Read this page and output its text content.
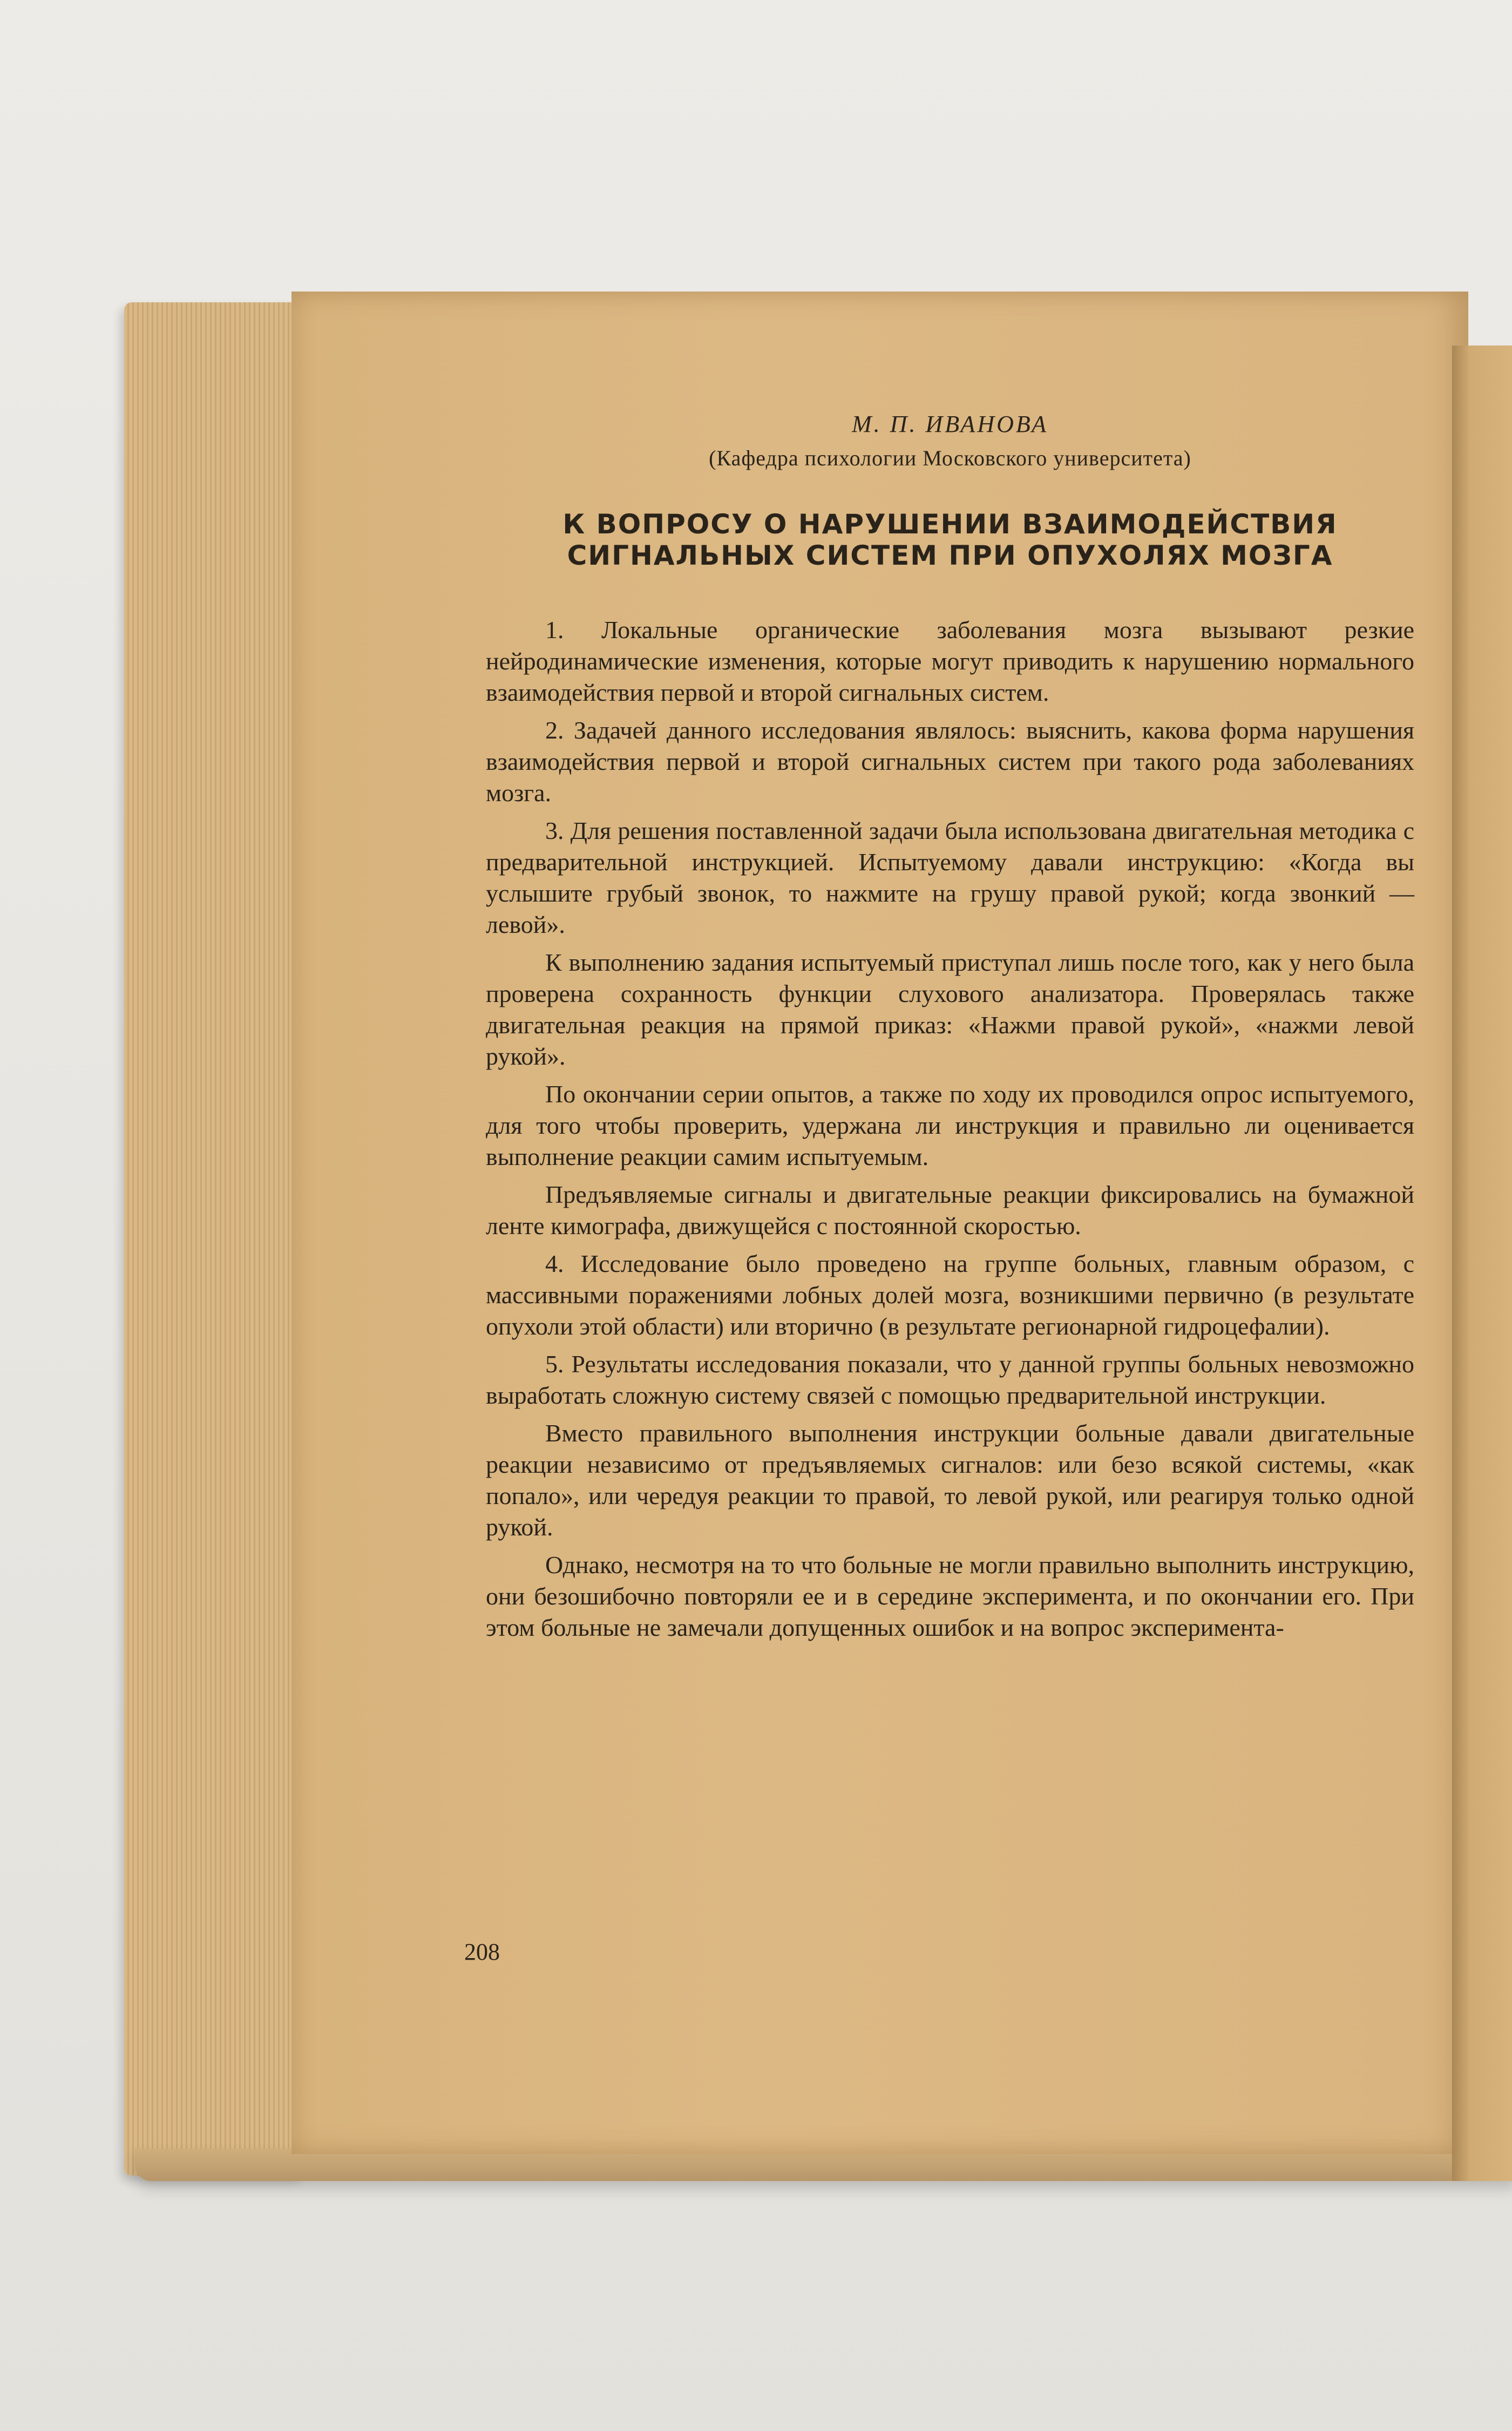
М. П. ИВАНОВА
(Кафедра психологии Московского университета)
К ВОПРОСУ О НАРУШЕНИИ ВЗАИМОДЕЙСТВИЯ СИГНАЛЬНЫХ СИСТЕМ ПРИ ОПУХОЛЯХ МОЗГА

1. Локальные органические заболевания мозга вызывают резкие нейродинамические изменения, которые могут приводить к нарушению нормального взаимодействия первой и второй сигнальных систем.

2. Задачей данного исследования являлось: выяснить, какова форма нарушения взаимодействия первой и второй сигнальных систем при такого рода заболеваниях мозга.

3. Для решения поставленной задачи была использована двигательная методика с предварительной инструкцией. Испытуемому давали инструкцию: «Когда вы услышите грубый звонок, то нажмите на грушу правой рукой; когда звонкий — левой».

К выполнению задания испытуемый приступал лишь после того, как у него была проверена сохранность функции слухового анализатора. Проверялась также двигательная реакция на прямой приказ: «Нажми правой рукой», «нажми левой рукой».

По окончании серии опытов, а также по ходу их проводился опрос испытуемого, для того чтобы проверить, удержана ли инструкция и правильно ли оценивается выполнение реакции самим испытуемым.

Предъявляемые сигналы и двигательные реакции фиксировались на бумажной ленте кимографа, движущейся с постоянной скоростью.

4. Исследование было проведено на группе больных, главным образом, с массивными поражениями лобных долей мозга, возникшими первично (в результате опухоли этой области) или вторично (в результате регионарной гидроцефалии).

5. Результаты исследования показали, что у данной группы больных невозможно выработать сложную систему связей с помощью предварительной инструкции.

Вместо правильного выполнения инструкции больные давали двигательные реакции независимо от предъявляемых сигналов: или безо всякой системы, «как попало», или чередуя реакции то правой, то левой рукой, или реагируя только одной рукой.

Однако, несмотря на то что больные не могли правильно выполнить инструкцию, они безошибочно повторяли ее и в середине эксперимента, и по окончании его. При этом больные не замечали допущенных ошибок и на вопрос эксперимента-

208
